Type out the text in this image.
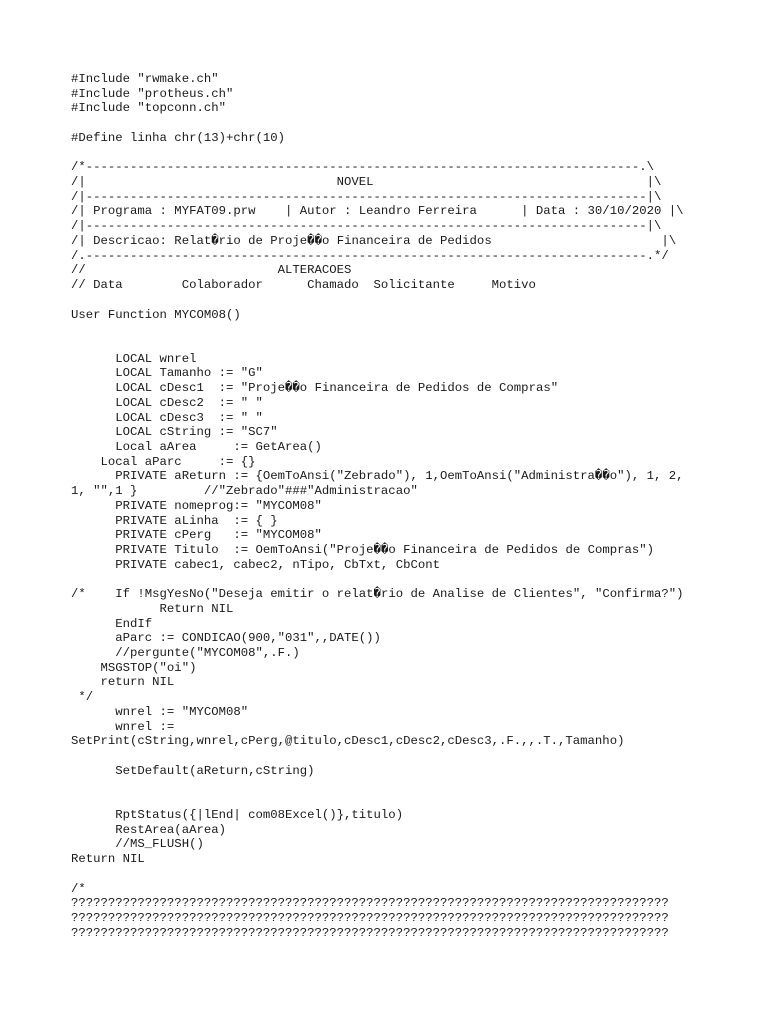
#Include "rwmake.ch"
#Include "protheus.ch"
#Include "topconn.ch"
#Define linha chr(13)+chr(10)
/*---------------------------------------------------------------------------.\
/|                                  NOVEL                                     |\
/|----------------------------------------------------------------------------|\
/| Programa : MYFAT09.prw    | Autor : Leandro Ferreira      | Data : 30/10/2020 |\
/|----------------------------------------------------------------------------|\
/| Descricao: Relat�rio de Proje��o Financeira de Pedidos                       |\
/.----------------------------------------------------------------------------.*/
//                          ALTERACOES
// Data        Colaborador      Chamado  Solicitante     Motivo
User Function MYCOM08()
LOCAL wnrel
LOCAL Tamanho := "G"
LOCAL cDesc1  := "Proje��o Financeira de Pedidos de Compras"
LOCAL cDesc2  := " "
LOCAL cDesc3  := " "
LOCAL cString := "SC7"
Local aArea     := GetArea()
Local aParc     := {}
PRIVATE aReturn := {OemToAnsi("Zebrado"), 1,OemToAnsi("Administra��o"), 1, 2,
1, "",1 }         //"Zebrado"###"Administracao"
PRIVATE nomeprog:= "MYCOM08"
PRIVATE aLinha  := { }
PRIVATE cPerg   := "MYCOM08"
PRIVATE Titulo  := OemToAnsi("Proje��o Financeira de Pedidos de Compras")
PRIVATE cabec1, cabec2, nTipo, CbTxt, CbCont
/*    If !MsgYesNo("Deseja emitir o relat�rio de Analise de Clientes", "Confirma?")
Return NIL
EndIf
aParc := CONDICAO(900,"031",,DATE())
//pergunte("MYCOM08",.F.)
MSGSTOP("oi")
return NIL
*/
wnrel := "MYCOM08"
wnrel :=
SetPrint(cString,wnrel,cPerg,@titulo,cDesc1,cDesc2,cDesc3,.F.,,.T.,Tamanho)
SetDefault(aReturn,cString)
RptStatus({|lEnd| com08Excel()},titulo)
RestArea(aArea)
//MS_FLUSH()
Return NIL
/*
?????????????????????????????????????????????????????????????????????????????????
?????????????????????????????????????????????????????????????????????????????????
?????????????????????????????????????????????????????????????????????????????????
